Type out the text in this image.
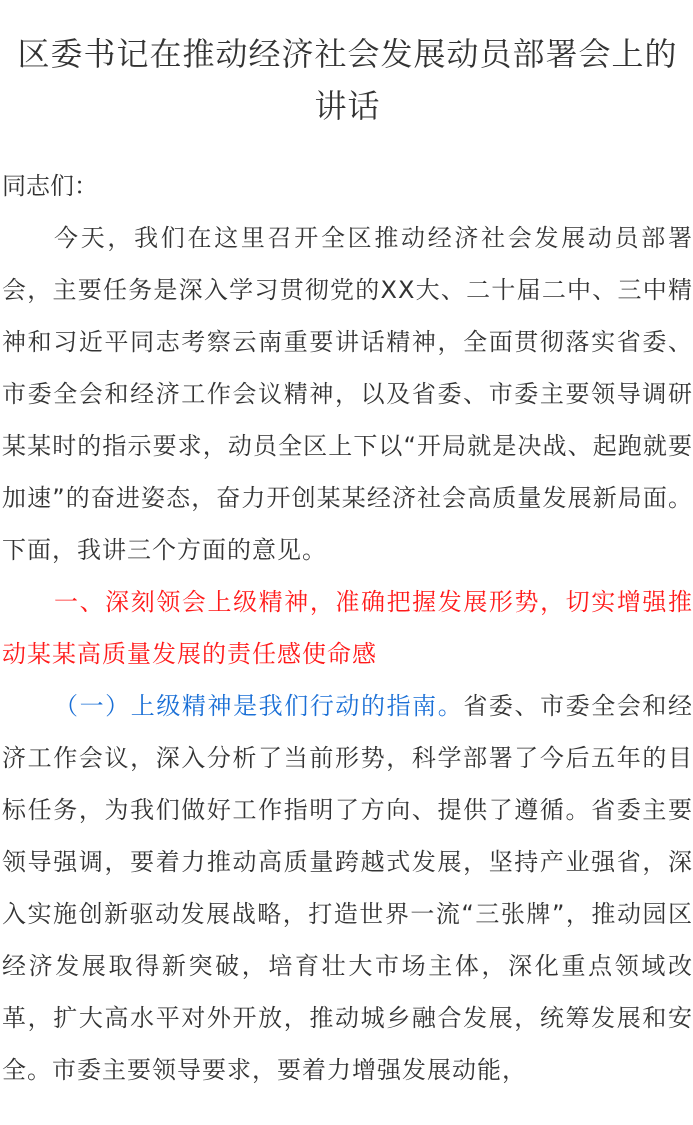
区委书记在推动经济社会发展动员部署会上的讲话

同志们：

今天，我们在这里召开全区推动经济社会发展动员部署会，主要任务是深入学习贯彻党的XX大、二十届二中、三中精神和习近平同志考察云南重要讲话精神，全面贯彻落实省委、市委全会和经济工作会议精神，以及省委、市委主要领导调研某某时的指示要求，动员全区上下以“开局就是决战、起跑就要加速”的奋进姿态，奋力开创某某经济社会高质量发展新局面。下面，我讲三个方面的意见。

一、深刻领会上级精神，准确把握发展形势，切实增强推动某某高质量发展的责任感使命感

（一）上级精神是我们行动的指南。省委、市委全会和经济工作会议，深入分析了当前形势，科学部署了今后五年的目标任务，为我们做好工作指明了方向、提供了遵循。省委主要领导强调，要着力推动高质量跨越式发展，坚持产业强省，深入实施创新驱动发展战略，打造世界一流“三张牌”，推动园区经济发展取得新突破，培育壮大市场主体，深化重点领域改革，扩大高水平对外开放，推动城乡融合发展，统筹发展和安全。市委主要领导要求，要着力增强发展动能，
